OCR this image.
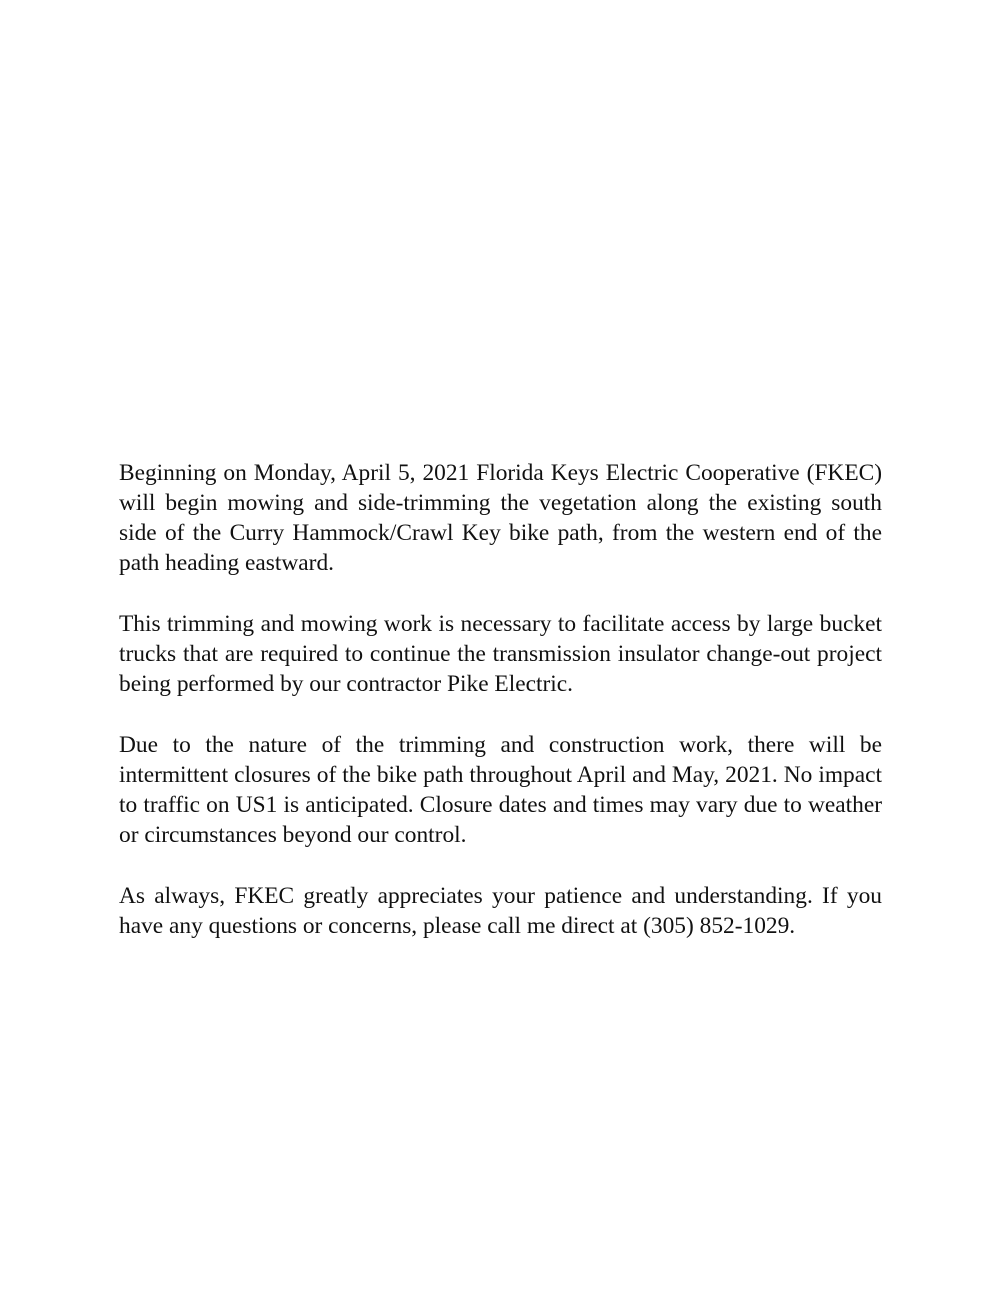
Beginning on Monday, April 5, 2021 Florida Keys Electric Cooperative (FKEC) will begin mowing and side-trimming the vegetation along the existing south side of the Curry Hammock/Crawl Key bike path, from the western end of the path heading eastward.

This trimming and mowing work is necessary to facilitate access by large bucket trucks that are required to continue the transmission insulator change-out project being performed by our contractor Pike Electric.

Due to the nature of the trimming and construction work, there will be intermittent closures of the bike path throughout April and May, 2021. No impact to traffic on US1 is anticipated. Closure dates and times may vary due to weather or circumstances beyond our control.

As always, FKEC greatly appreciates your patience and understanding. If you have any questions or concerns, please call me direct at (305) 852-1029.
